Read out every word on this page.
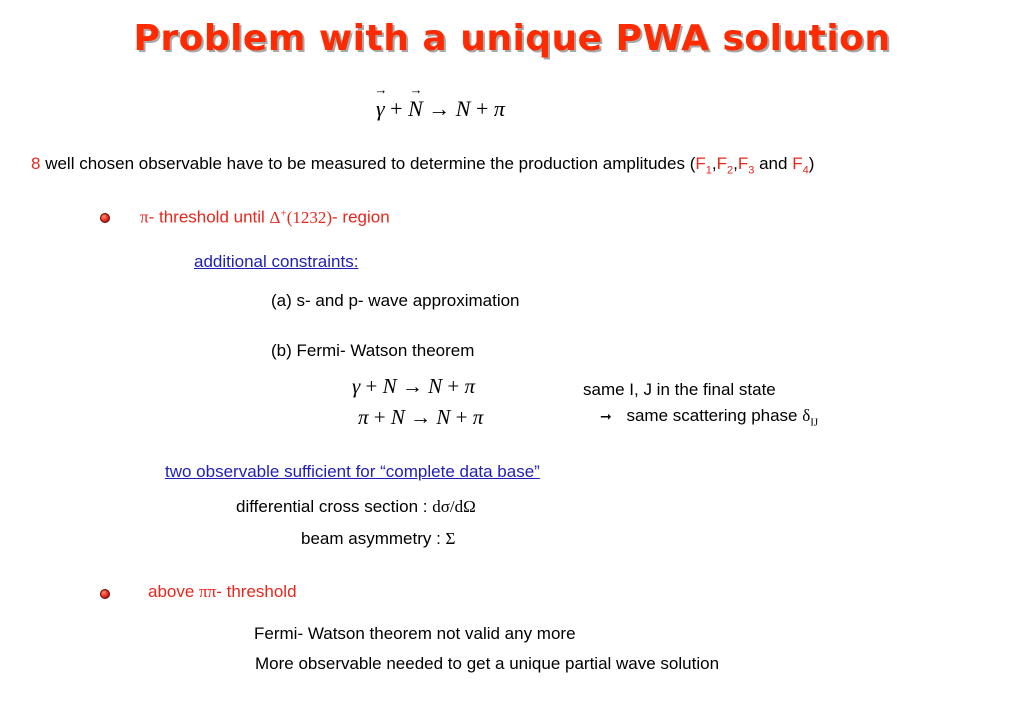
Problem with a unique PWA solution
→ γ + → N → N + π
8 well chosen observable have to be measured to determine the production amplitudes ($F_1,F_2,F_3$ and $F_4$)
π- threshold until Δ+(1232)- region
additional constraints:
(a) s- and p- wave approximation
(b) Fermi- Watson theorem
γ + N → N + π
π + N → N + π
same I, J in the final state
➞ same scattering phase $\delta_{IJ}$
two observable sufficient for “complete data base”
differential cross section : dσ/dΩ
beam asymmetry : Σ
above ππ- threshold
Fermi- Watson theorem not valid any more
More observable needed to get a unique partial wave solution
